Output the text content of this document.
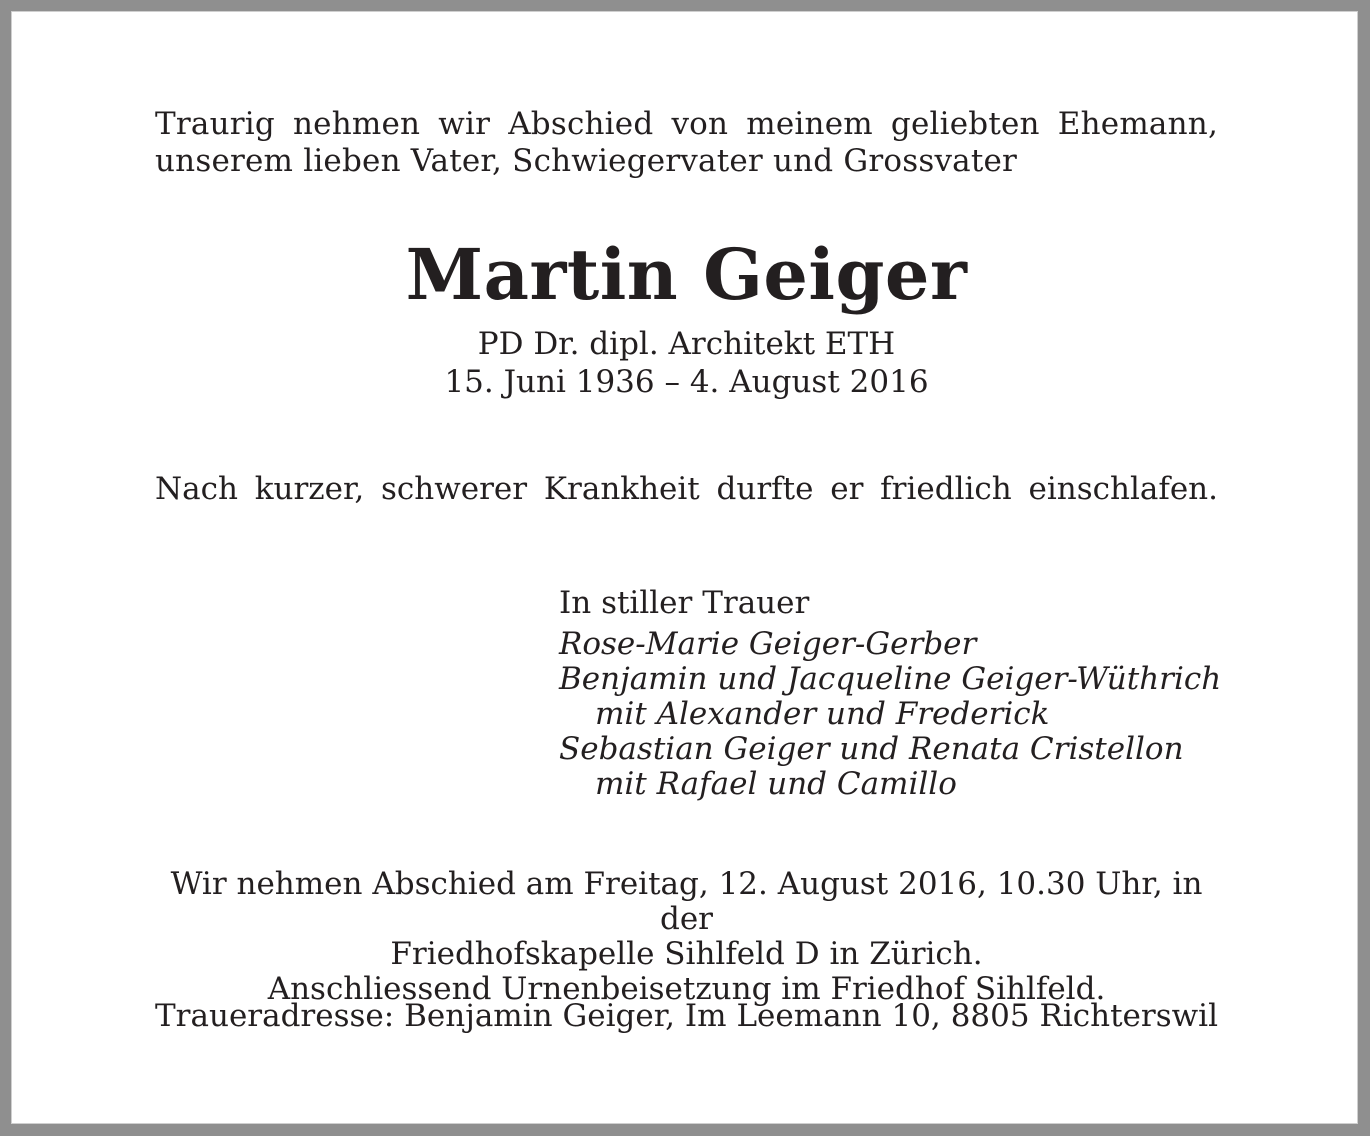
Traurig nehmen wir Abschied von meinem geliebten Ehemann,
unserem lieben Vater, Schwiegervater und Grossvater
Martin Geiger
PD Dr. dipl. Architekt ETH
15. Juni 1936 – 4. August 2016
Nach kurzer, schwerer Krankheit durfte er friedlich einschlafen.
In stiller Trauer
Rose-Marie Geiger-Gerber
Benjamin und Jacqueline Geiger-Wüthrich
mit Alexander und Frederick
Sebastian Geiger und Renata Cristellon
mit Rafael und Camillo
Wir nehmen Abschied am Freitag, 12. August 2016, 10.30 Uhr, in der
Friedhofskapelle Sihlfeld D in Zürich.
Anschliessend Urnenbeisetzung im Friedhof Sihlfeld.
Traueradresse: Benjamin Geiger, Im Leemann 10, 8805 Richterswil
